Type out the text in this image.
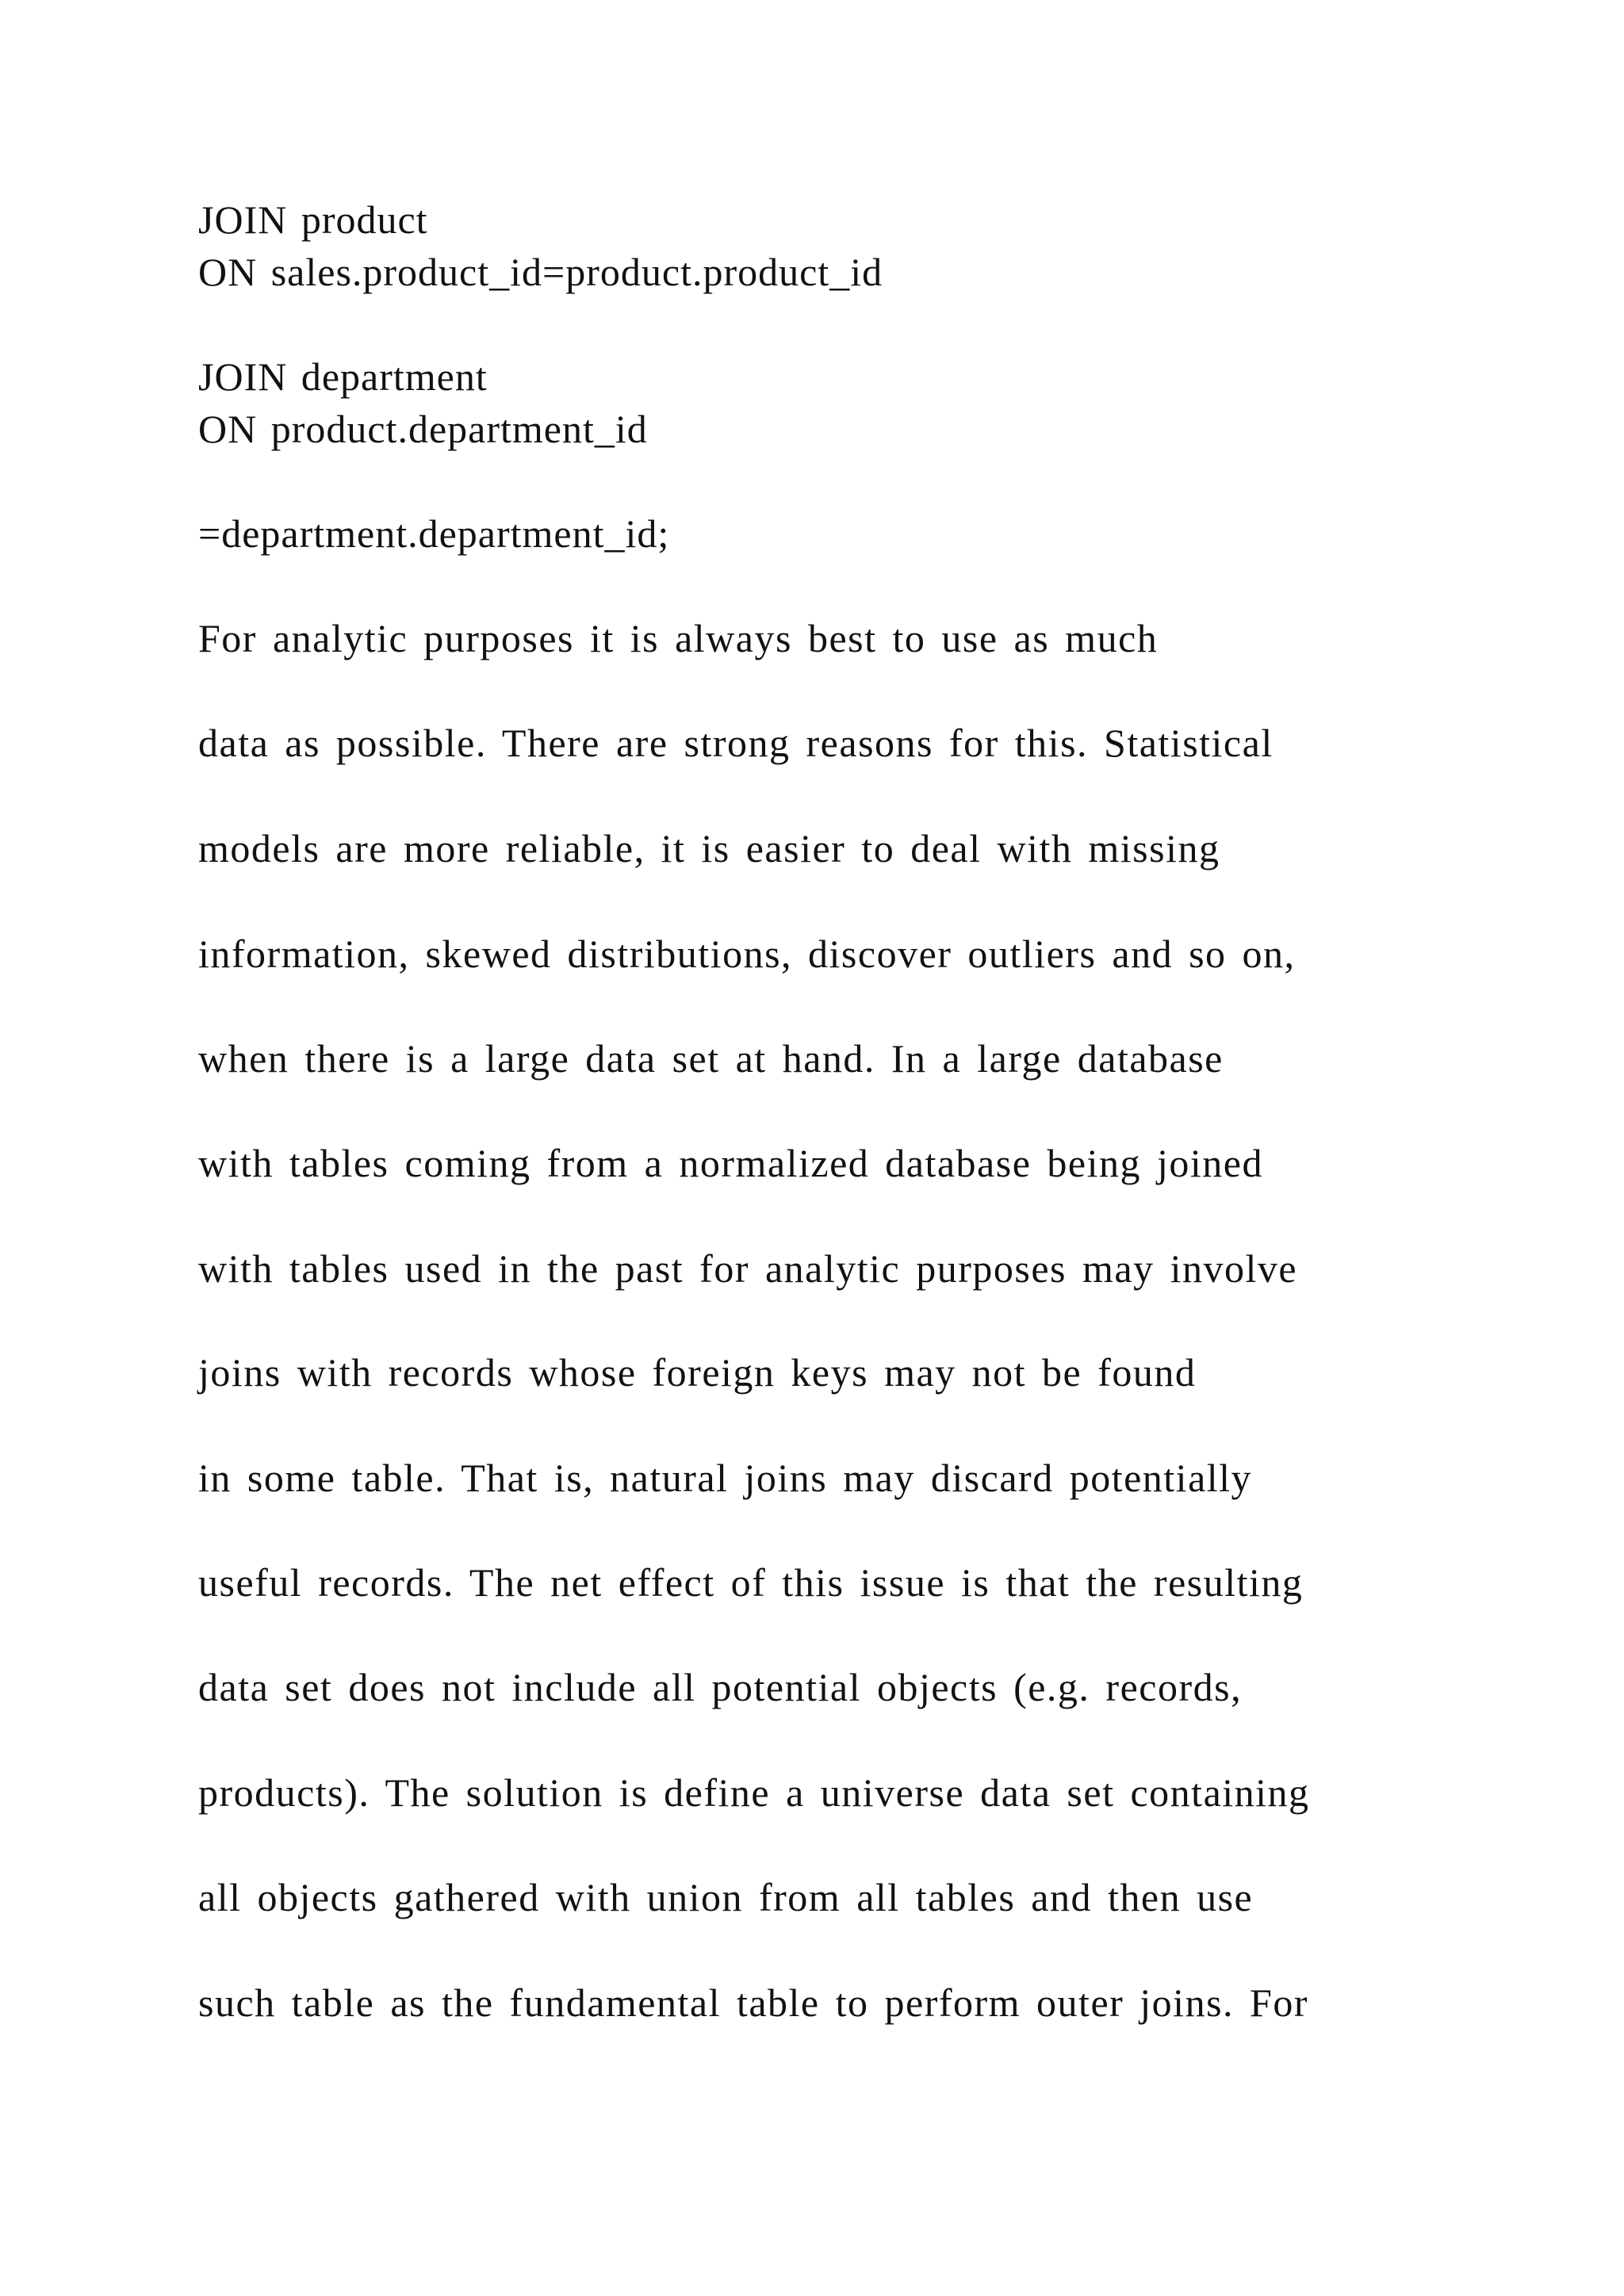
JOIN product
ON sales.product_id=product.product_id
JOIN department
ON product.department_id
=department.department_id;
For analytic purposes it is always best to use as much
data as possible. There are strong reasons for this. Statistical
models are more reliable, it is easier to deal with missing
information, skewed distributions, discover outliers and so on,
when there is a large data set at hand. In a large database
with tables coming from a normalized database being joined
with tables used in the past for analytic purposes may involve
joins with records whose foreign keys may not be found
in some table. That is, natural joins may discard potentially
useful records. The net effect of this issue is that the resulting
data set does not include all potential objects (e.g. records,
products). The solution is define a universe data set containing
all objects gathered with union from all tables and then use
such table as the fundamental table to perform outer joins. For
